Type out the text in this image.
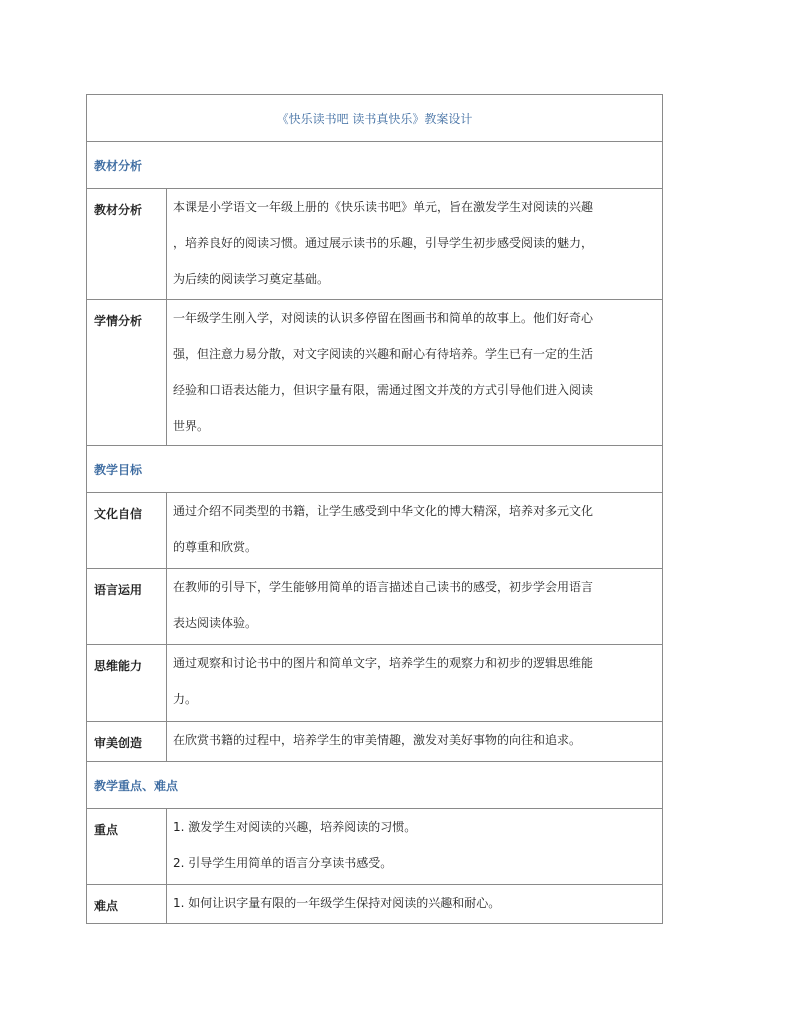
《快乐读书吧 读书真快乐》教案设计	
教材分析	
教材分析	本课是小学语文一年级上册的《快乐读书吧》单元，旨在激发学生对阅读的兴趣
，培养良好的阅读习惯。通过展示读书的乐趣，引导学生初步感受阅读的魅力，
为后续的阅读学习奠定基础。

学情分析	一年级学生刚入学，对阅读的认识多停留在图画书和简单的故事上。他们好奇心
强，但注意力易分散，对文字阅读的兴趣和耐心有待培养。学生已有一定的生活
经验和口语表达能力，但识字量有限，需通过图文并茂的方式引导他们进入阅读
世界。

教学目标	
文化自信	通过介绍不同类型的书籍，让学生感受到中华文化的博大精深，培养对多元文化
的尊重和欣赏。

语言运用	在教师的引导下，学生能够用简单的语言描述自己读书的感受，初步学会用语言
表达阅读体验。

思维能力	通过观察和讨论书中的图片和简单文字，培养学生的观察力和初步的逻辑思维能
力。

审美创造	在欣赏书籍的过程中，培养学生的审美情趣，激发对美好事物的向往和追求。

教学重点、难点	
重点	1. 激发学生对阅读的兴趣，培养阅读的习惯。
2. 引导学生用简单的语言分享读书感受。

难点	1. 如何让识字量有限的一年级学生保持对阅读的兴趣和耐心。
